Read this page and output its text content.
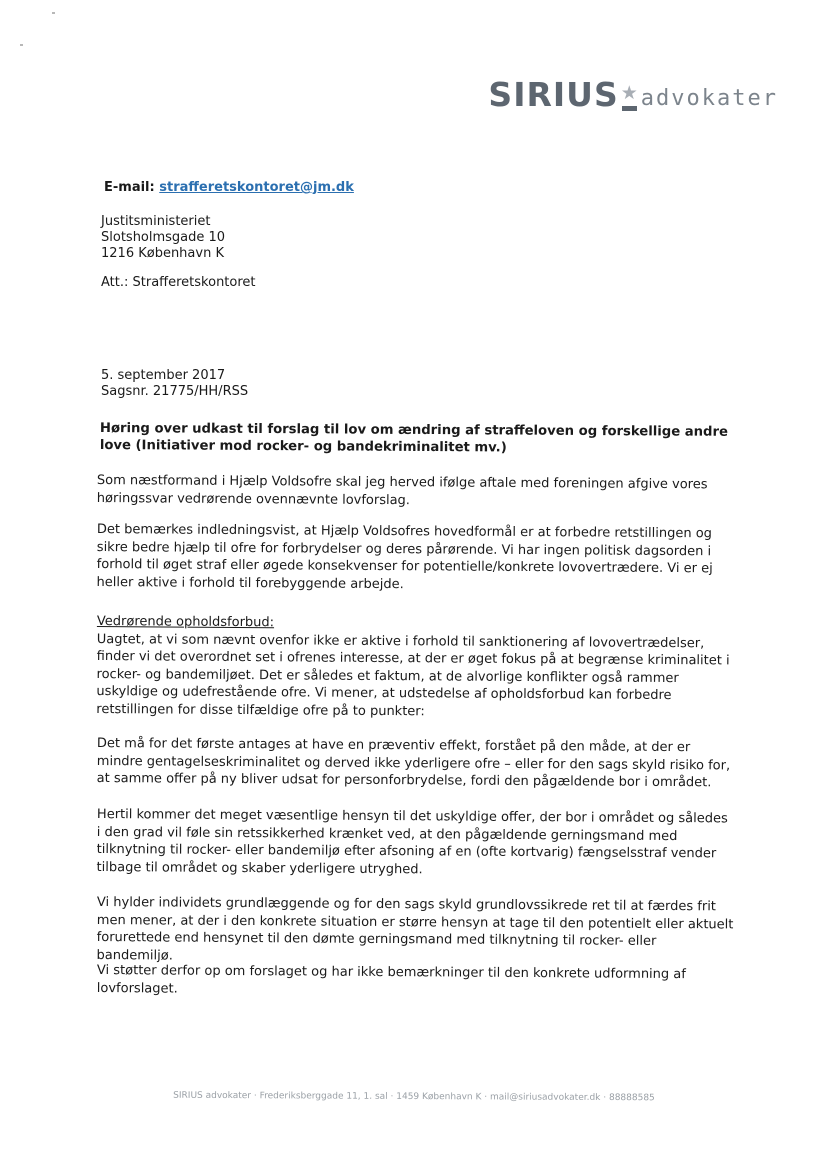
SIRIUS ★ advokater
E-mail: strafferetskontoret@jm.dk
Justitsministeriet
Slotsholmsgade 10
1216 København K
Att.: Strafferetskontoret
5. september 2017
Sagsnr. 21775/HH/RSS
Høring over udkast til forslag til lov om ændring af straffeloven og forskellige andre love (Initiativer mod rocker- og bandekriminalitet mv.)

Som næstformand i Hjælp Voldsofre skal jeg herved ifølge aftale med foreningen afgive vores høringssvar vedrørende ovennævnte lovforslag.

Det bemærkes indledningsvist, at Hjælp Voldsofres hovedformål er at forbedre retstillingen og sikre bedre hjælp til ofre for forbrydelser og deres pårørende. Vi har ingen politisk dagsorden i forhold til øget straf eller øgede konsekvenser for potentielle/konkrete lovovertrædere. Vi er ej heller aktive i forhold til forebyggende arbejde.

Vedrørende opholdsforbud:
Uagtet, at vi som nævnt ovenfor ikke er aktive i forhold til sanktionering af lovovertrædelser, finder vi det overordnet set i ofrenes interesse, at der er øget fokus på at begrænse kriminalitet i rocker- og bandemiljøet. Det er således et faktum, at de alvorlige konflikter også rammer uskyldige og udefrestående ofre. Vi mener, at udstedelse af opholdsforbud kan forbedre retstillingen for disse tilfældige ofre på to punkter:

Det må for det første antages at have en præventiv effekt, forstået på den måde, at der er mindre gentagelseskriminalitet og derved ikke yderligere ofre – eller for den sags skyld risiko for, at samme offer på ny bliver udsat for personforbrydelse, fordi den pågældende bor i området.

Hertil kommer det meget væsentlige hensyn til det uskyldige offer, der bor i området og således i den grad vil føle sin retssikkerhed krænket ved, at den pågældende gerningsmand med tilknytning til rocker- eller bandemiljø efter afsoning af en (ofte kortvarig) fængselsstraf vender tilbage til området og skaber yderligere utryghed.

Vi hylder individets grundlæggende og for den sags skyld grundlovssikrede ret til at færdes frit men mener, at der i den konkrete situation er større hensyn at tage til den potentielt eller aktuelt forurettede end hensynet til den dømte gerningsmand med tilknytning til rocker- eller bandemiljø.

Vi støtter derfor op om forslaget og har ikke bemærkninger til den konkrete udformning af lovforslaget.

SIRIUS advokater · Frederiksberggade 11, 1. sal · 1459 København K · mail@siriusadvokater.dk · 88888585
